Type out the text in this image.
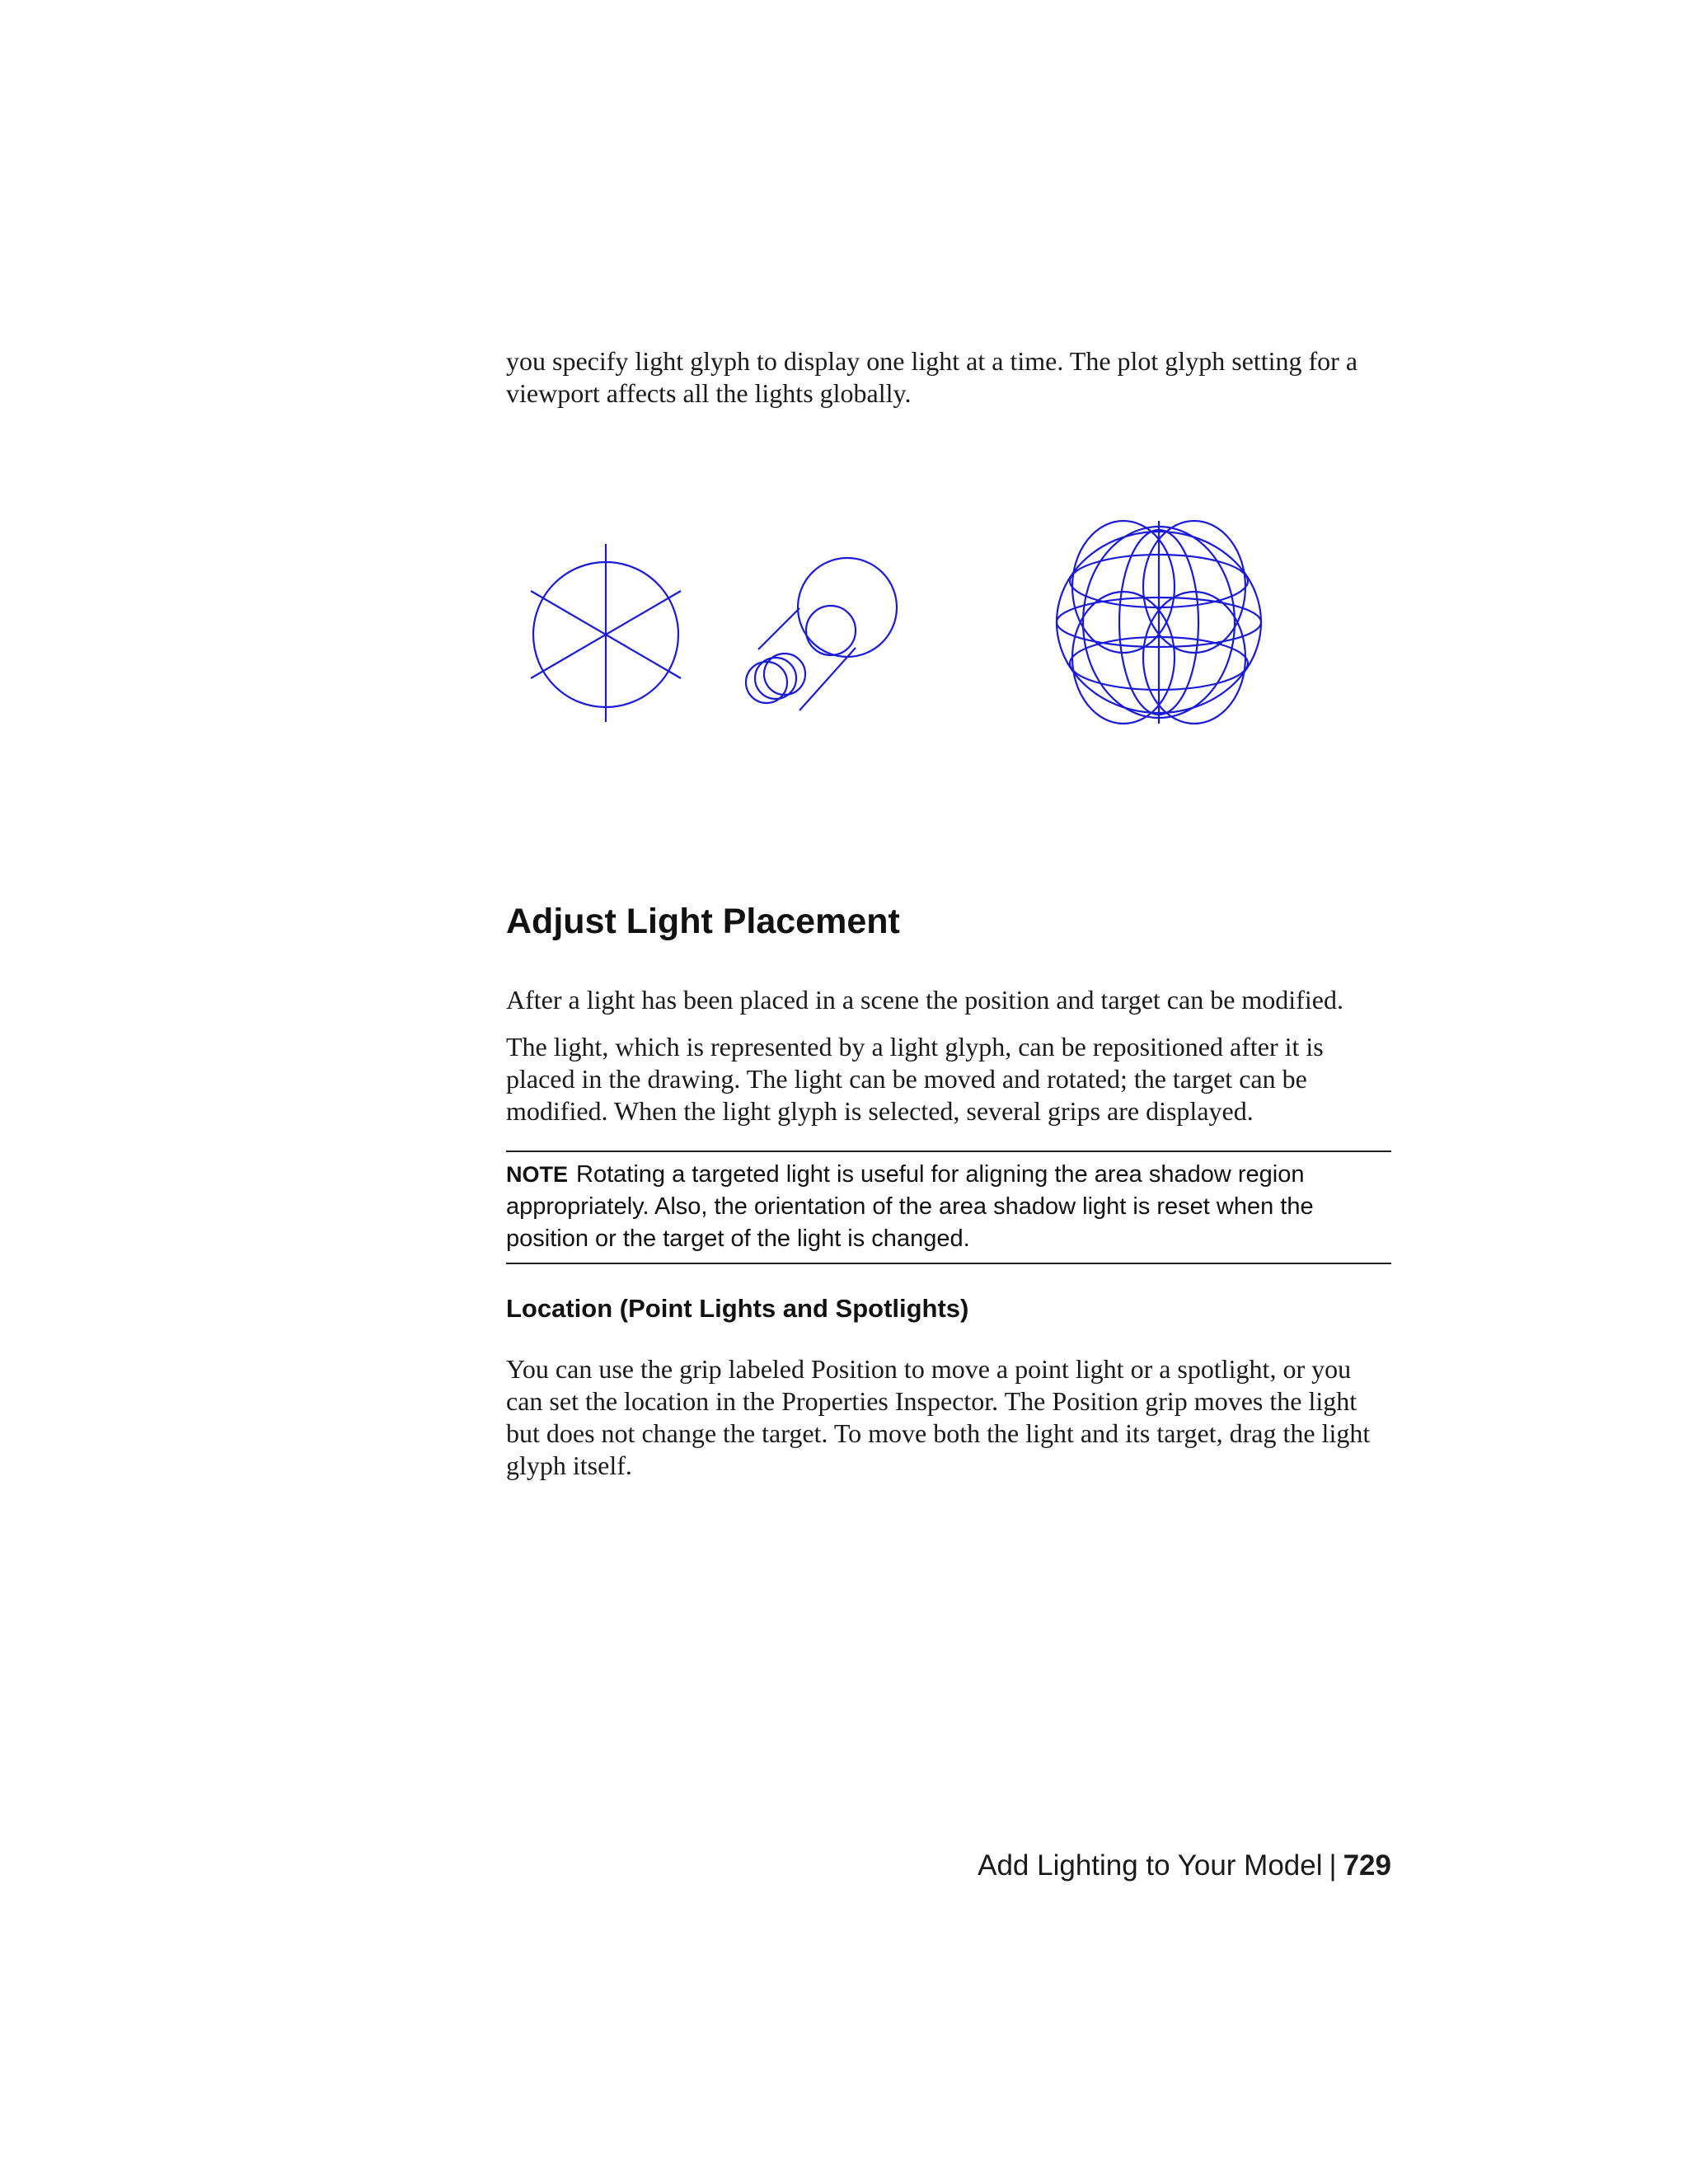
you specify light glyph to display one light at a time. The plot glyph setting for a viewport affects all the lights globally.

Adjust Light Placement

After a light has been placed in a scene the position and target can be modified.

The light, which is represented by a light glyph, can be repositioned after it is placed in the drawing. The light can be moved and rotated; the target can be modified. When the light glyph is selected, several grips are displayed.

NOTE Rotating a targeted light is useful for aligning the area shadow region appropriately. Also, the orientation of the area shadow light is reset when the position or the target of the light is changed.
Location (Point Lights and Spotlights)

You can use the grip labeled Position to move a point light or a spotlight, or you can set the location in the Properties Inspector. The Position grip moves the light but does not change the target. To move both the light and its target, drag the light glyph itself.

Add Lighting to Your Model | 729
